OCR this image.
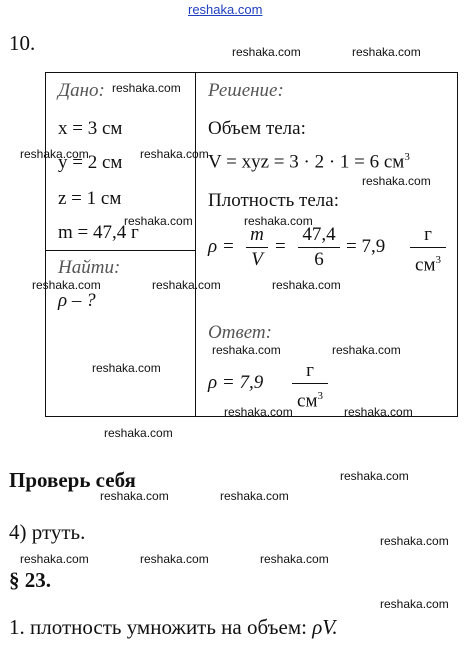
reshaka.com
10.
Дано:
x = 3 см
y = 2 см
z = 1 см
m = 47,4 г
Найти:
ρ – ?
Решение:
Объем тела:
V = xyz = 3 · 2 · 1 = 6 $см^3$
Плотность тела:
ρ =
m
V
=
47,4
6
= 7,9
г
$см^3$
Ответ:
ρ = 7,9
г
$см^3$
Проверь себя
4) ртуть.
§ 23.
1. плотность умножить на объем: ρV.
reshaka.com	reshaka.com
reshaka.com
reshaka.com	reshaka.com
reshaka.com
reshaka.com	reshaka.com
reshaka.com	reshaka.com	reshaka.com
reshaka.com	reshaka.com
reshaka.com
reshaka.com	reshaka.com
reshaka.com
reshaka.com
reshaka.com	reshaka.com
reshaka.com
reshaka.com	reshaka.com	reshaka.com
reshaka.com
